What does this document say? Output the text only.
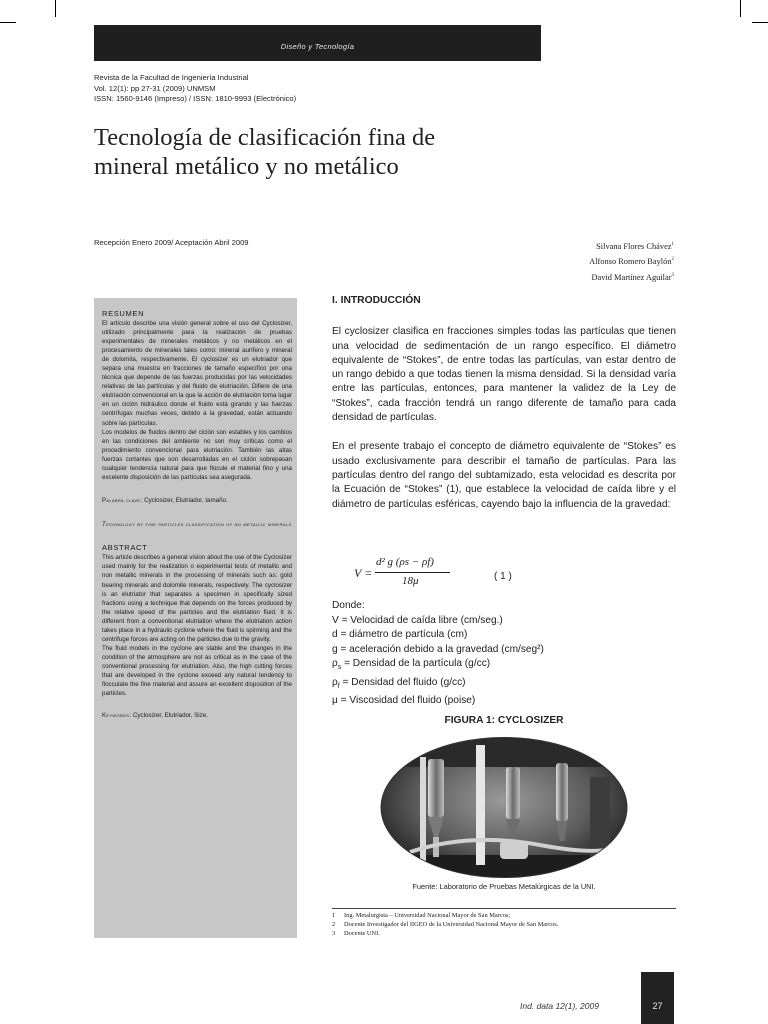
Diseño y Tecnología
Revista de la Facultad de Ingeniería Industrial
Vol. 12(1): pp 27-31 (2009) UNMSM
ISSN: 1560-9146 (Impreso) / ISSN: 1810-9993 (Electrónico)
Tecnología de clasificación fina de
mineral metálico y no metálico
Recepción Enero 2009/ Aceptación Abril 2009	Silvana Flores Chávez$^1$
Alfonso Romero Baylón$^2$
David Martínez Aguilar$^3$
RESUMEN

El artículo describe una visión general sobre el uso del Cyclosizer, utilizado principalmente para la realización de pruebas experimentales de minerales metálicos y no metálicos en el procesamiento de minerales tales como: mineral aurífero y mineral de dolomita, respectivamente. El cyclosizer es un elutriador que separa una muestra en fracciones de tamaño específico por una técnica que depende de las fuerzas producidas por las velocidades relativas de las partículas y del fluido de elutriación. Difiere de una elutriación convencional en la que la acción de elutriación toma lugar en un ciclón hidráulico donde el fluido está girando y las fuerzas centrífugas muchas veces, debido a la gravedad, están actuando sobre las partículas.

Los modelos de fluidos dentro del ciclón son estables y los cambios en las condiciones del ambiente no son muy críticas como el procedimiento convencional para elutriación. También las altas fuerzas cortantes que son desarrolladas en el ciclón sobrepasan cualquier tendencia natural para que flocule el material fino y una excelente disposición de las partículas sea asegurada.

Palabra clave: Cyclosizer, Elutriador, tamaño.
Technology by fine particles classification of no metallic minerals
ABSTRACT

This article describes a general vision about the use of the Cyclosizer used mainly for the realization o experimental tests of metallic and non metallic minerals in the processing of minerals such as: gold bearing minerals and dolomite minerals, respectively. The cyclosizer is an elutriator that separates a specimen in specifically sized fractions using a technique that depends on the forces produced by the relative speed of the particles and the elutriation fluid. It is different from a conventional elutriation where the elutriation action takes place in a hydraulic cyclone where the fluid is spinning and the centrifuge forces are acting on the particles due to the gravity.

The fluid models in the cyclone are stable and the changes in the condition of the atmosphere are not as critical as in the case of the conventional processing for elutriation. Also, the high cutting forces that are developed in the cyclone exceed any natural tendency to flocculate the fine material and assure an excellent disposition of the particles.

Keywords: Cyclosizer, Elutriador, Size.
I. INTRODUCCIÓN

El cyclosizer clasifica en fracciones simples todas las partículas que tienen una velocidad de sedimentación de un rango específico. El diámetro equivalente de “Stokes”, de entre todas las partículas, van estar dentro de un rango debido a que todas tienen la misma densidad. Si la densidad varía entre las partículas, entonces, para mantener la validez de la Ley de “Stokes”, cada fracción tendrá un rango diferente de tamaño para cada densidad de partículas.

En el presente trabajo el concepto de diámetro equivalente de “Stokes” es usado exclusivamente para describir el tamaño de partículas. Para las partículas dentro del rango del subtamizado, esta velocidad es descrita por la Ecuación de “Stokes” (1), que establece la velocidad de caída libre y el diámetro de partículas esféricas, cayendo bajo la influencia de la gravedad:

V =
d² g (ρs − ρf)
18μ	( 1 )
Donde:
V = Velocidad de caída libre (cm/seg.)
d = diámetro de partícula (cm)
g = aceleración debido a la gravedad (cm/seg²)
$\rho_s$ = Densidad de la partícula (g/cc)
$\rho_f$ = Densidad del fluido (g/cc)
μ = Viscosidad del fluido (poise)
FIGURA 1: CYCLOSIZER
Fuente: Laboratorio de Pruebas Metalúrgicas de la UNI.
1	Ing. Metalurgista – Universidad Nacional Mayor de San Marcos;
2	Docente Investigador del IIGEO de la Universidad Nacional Mayor de San Marcos.
3	Docente UNI.
Ind. data 12(1), 2009	27
